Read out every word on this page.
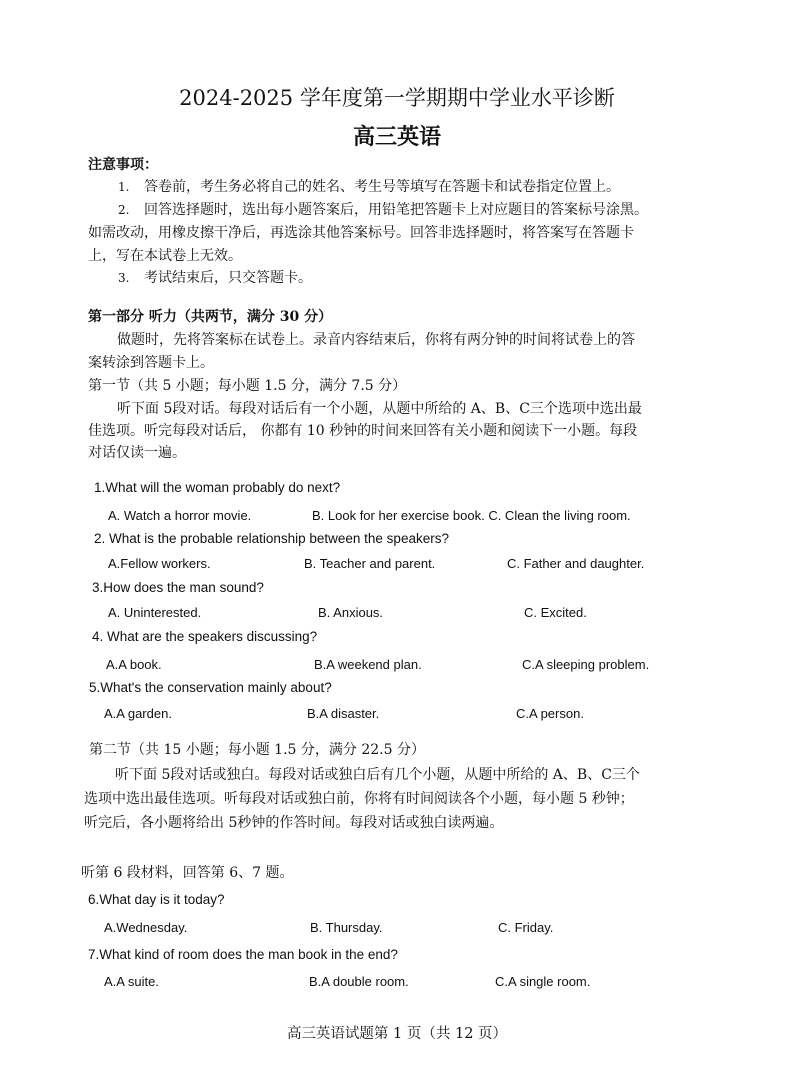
2024-2025 学年度第一学期期中学业水平诊断
高三英语
注意事项：
1. 答卷前，考生务必将自己的姓名、考生号等填写在答题卡和试卷指定位置上。
2. 回答选择题时，选出每小题答案后，用铅笔把答题卡上对应题目的答案标号涂黑。
如需改动，用橡皮擦干净后，再选涂其他答案标号。回答非选择题时，将答案写在答题卡
上，写在本试卷上无效。
3. 考试结束后，只交答题卡。
第一部分 听力（共两节，满分 30 分）
做题时，先将答案标在试卷上。录音内容结束后，你将有两分钟的时间将试卷上的答
案转涂到答题卡上。
第一节（共 5 小题；每小题 1.5 分，满分 7.5 分）
听下面 5段对话。每段对话后有一个小题，从题中所给的 A、B、C三个选项中选出最
佳选项。听完每段对话后， 你都有 10 秒钟的时间来回答有关小题和阅读下一小题。每段
对话仅读一遍。
1.What will the woman probably do next?
A. Watch a horror movie.	B. Look for her exercise book. C. Clean the living room.
2. What is the probable relationship between the speakers?
A.Fellow workers.	B. Teacher and parent.	C. Father and daughter.
3.How does the man sound?
A. Uninterested.	B. Anxious.	C. Excited.
4. What are the speakers discussing?
A.A book.	B.A weekend plan.	C.A sleeping problem.
5.What's the conservation mainly about?
A.A garden.	B.A disaster.	C.A person.
第二节（共 15 小题；每小题 1.5 分，满分 22.5 分）
听下面 5段对话或独白。每段对话或独白后有几个小题，从题中所给的 A、B、C三个
选项中选出最佳选项。听每段对话或独白前，你将有时间阅读各个小题，每小题 5 秒钟；
听完后，各小题将给出 5秒钟的作答时间。每段对话或独白读两遍。
听第 6 段材料，回答第 6、7 题。
6.What day is it today?
A.Wednesday.	B. Thursday.	C. Friday.
7.What kind of room does the man book in the end?
A.A suite.	B.A double room.	C.A single room.
高三英语试题第 1 页（共 12 页）
